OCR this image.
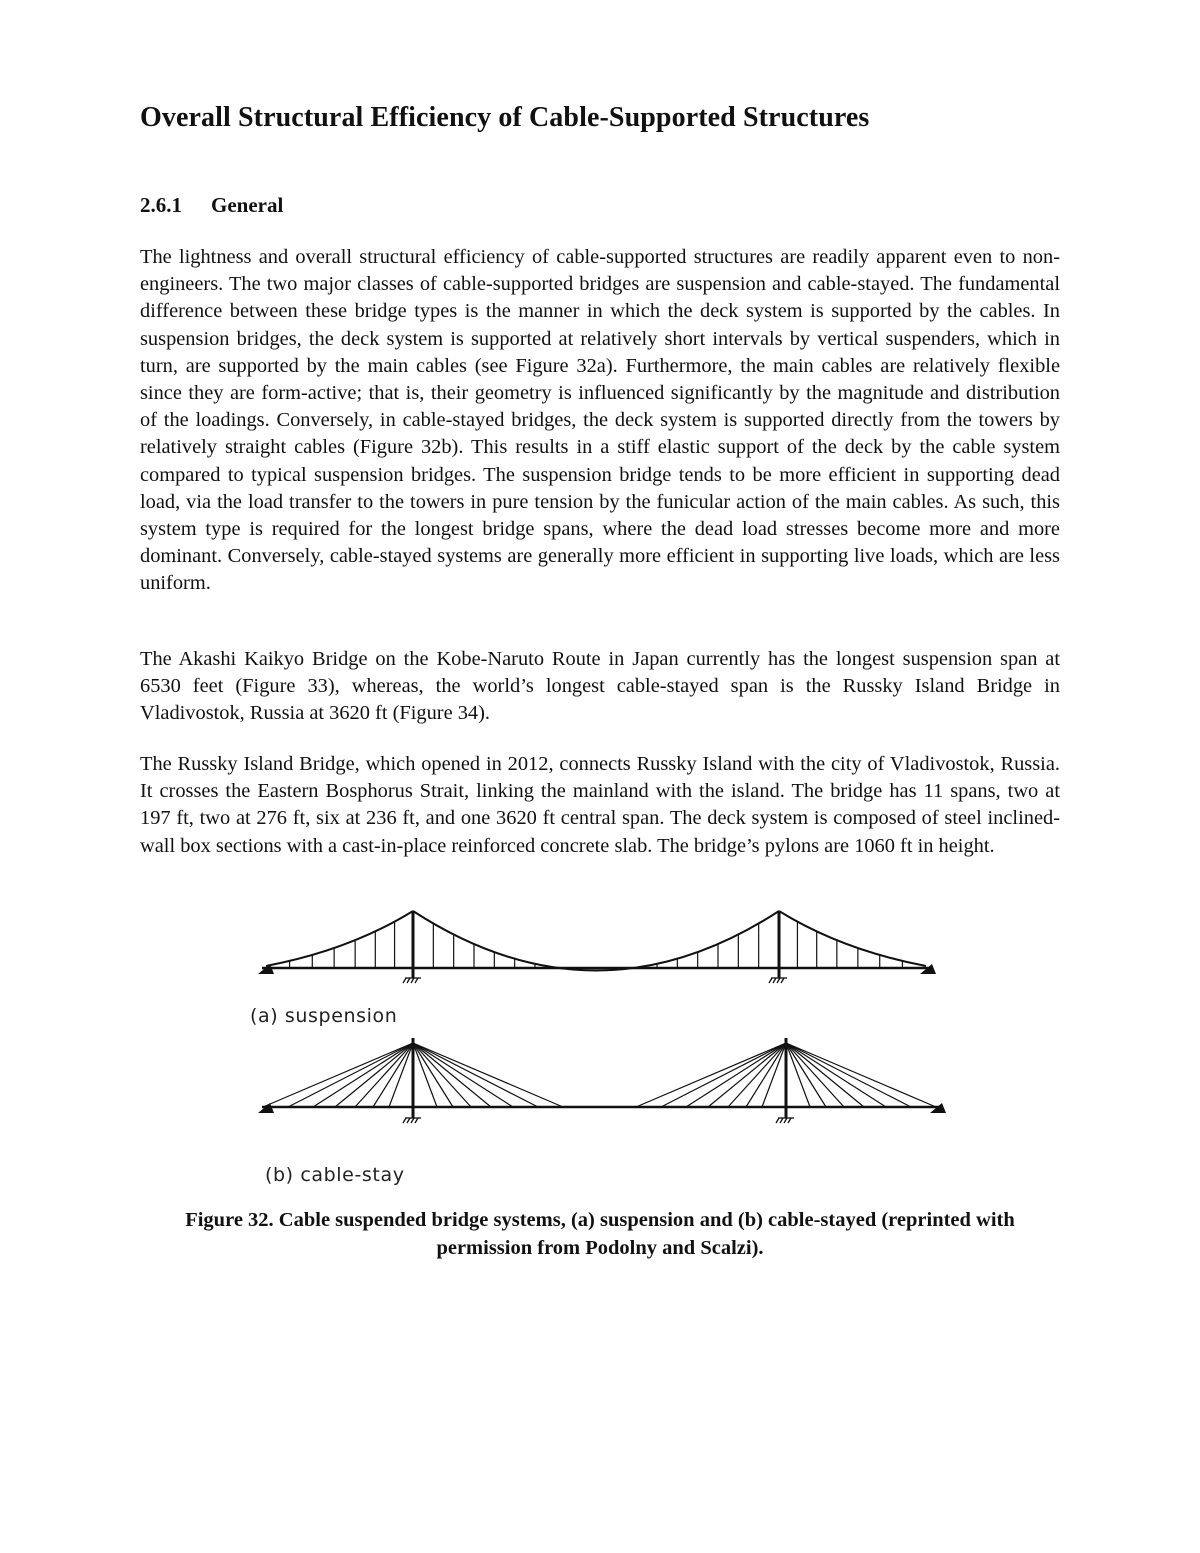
Overall Structural Efficiency of Cable-Supported Structures
2.6.1 General

The lightness and overall structural efficiency of cable-supported structures are readily apparent even to non-engineers. The two major classes of cable-supported bridges are suspension and cable-stayed. The fundamental difference between these bridge types is the manner in which the deck system is supported by the cables. In suspension bridges, the deck system is supported at relatively short intervals by vertical suspenders, which in turn, are supported by the main cables (see Figure 32a). Furthermore, the main cables are relatively flexible since they are form-active; that is, their geometry is influenced significantly by the magnitude and distribution of the loadings. Conversely, in cable-stayed bridges, the deck system is supported directly from the towers by relatively straight cables (Figure 32b). This results in a stiff elastic support of the deck by the cable system compared to typical suspension bridges. The suspension bridge tends to be more efficient in supporting dead load, via the load transfer to the towers in pure tension by the funicular action of the main cables. As such, this system type is required for the longest bridge spans, where the dead load stresses become more and more dominant. Conversely, cable-stayed systems are generally more efficient in supporting live loads, which are less uniform.

The Akashi Kaikyo Bridge on the Kobe-Naruto Route in Japan currently has the longest suspension span at 6530 feet (Figure 33), whereas, the world’s longest cable-stayed span is the Russky Island Bridge in Vladivostok, Russia at 3620 ft (Figure 34).

The Russky Island Bridge, which opened in 2012, connects Russky Island with the city of Vladivostok, Russia. It crosses the Eastern Bosphorus Strait, linking the mainland with the island. The bridge has 11 spans, two at 197 ft, two at 276 ft, six at 236 ft, and one 3620 ft central span. The deck system is composed of steel inclined-wall box sections with a cast-in-place reinforced concrete slab. The bridge’s pylons are 1060 ft in height.

Figure 32. Cable suspended bridge systems, (a) suspension and (b) cable-stayed (reprinted with permission from Podolny and Scalzi).

(a) suspension
(b) cable-stay
